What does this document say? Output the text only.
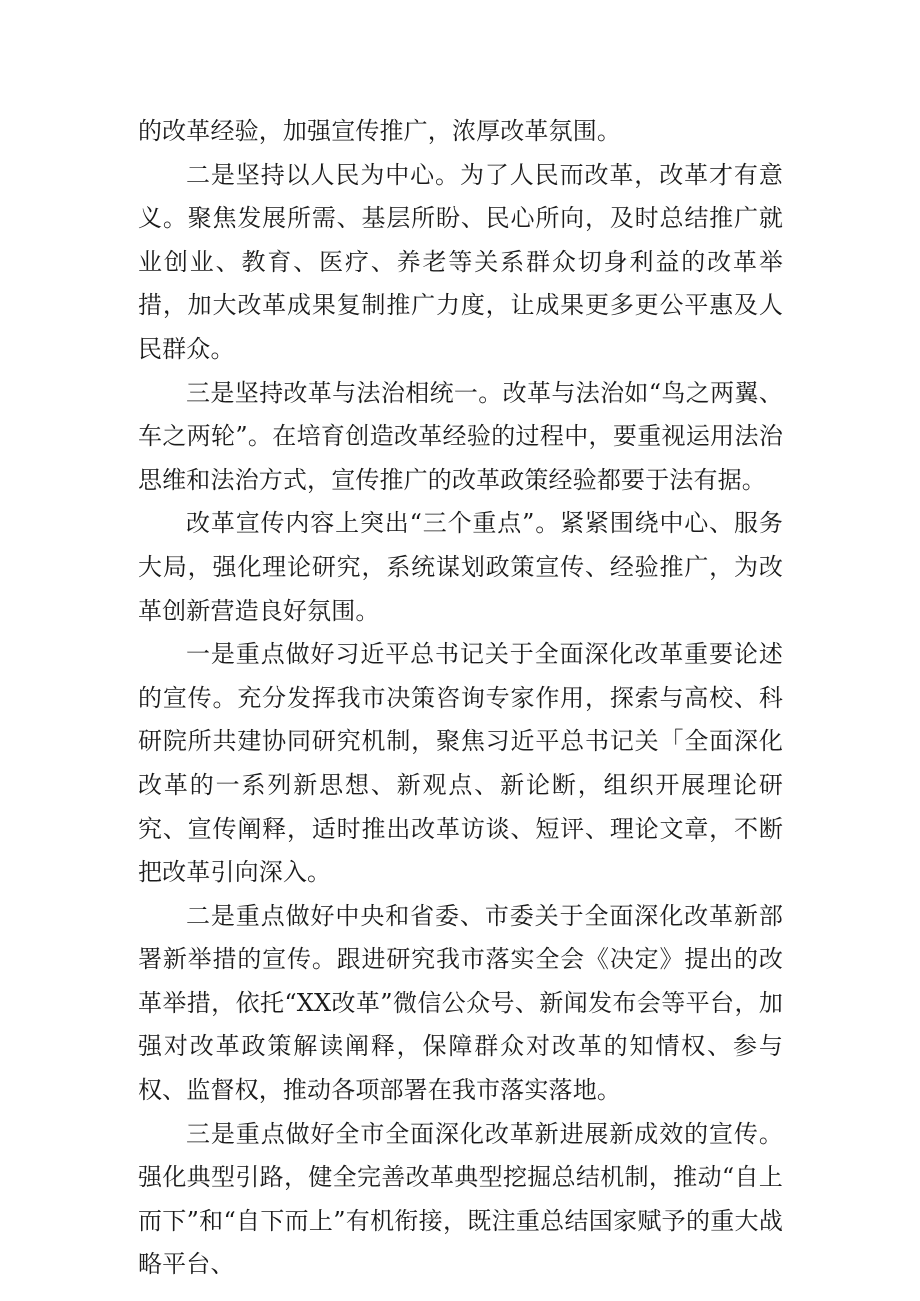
的改革经验，加强宣传推广，浓厚改革氛围。

二是坚持以人民为中心。为了人民而改革，改革才有意义。聚焦发展所需、基层所盼、民心所向，及时总结推广就业创业、教育、医疗、养老等关系群众切身利益的改革举措，加大改革成果复制推广力度，让成果更多更公平惠及人民群众。

三是坚持改革与法治相统一。改革与法治如“鸟之两翼、车之两轮”。在培育创造改革经验的过程中，要重视运用法治思维和法治方式，宣传推广的改革政策经验都要于法有据。

改革宣传内容上突出“三个重点”。紧紧围绕中心、服务大局，强化理论研究，系统谋划政策宣传、经验推广，为改革创新营造良好氛围。

一是重点做好习近平总书记关于全面深化改革重要论述的宣传。充分发挥我市决策咨询专家作用，探索与高校、科研院所共建协同研究机制，聚焦习近平总书记关「全面深化改革的一系列新思想、新观点、新论断，组织开展理论研究、宣传阐释，适时推出改革访谈、短评、理论文章，不断把改革引向深入。

二是重点做好中央和省委、市委关于全面深化改革新部署新举措的宣传。跟进研究我市落实全会《决定》提出的改革举措，依托“XX改革”微信公众号、新闻发布会等平台，加强对改革政策解读阐释，保障群众对改革的知情权、参与权、监督权，推动各项部署在我市落实落地。

三是重点做好全市全面深化改革新进展新成效的宣传。强化典型引路，健全完善改革典型挖掘总结机制，推动“自上而下”和“自下而上”有机衔接，既注重总结国家赋予的重大战略平台、
